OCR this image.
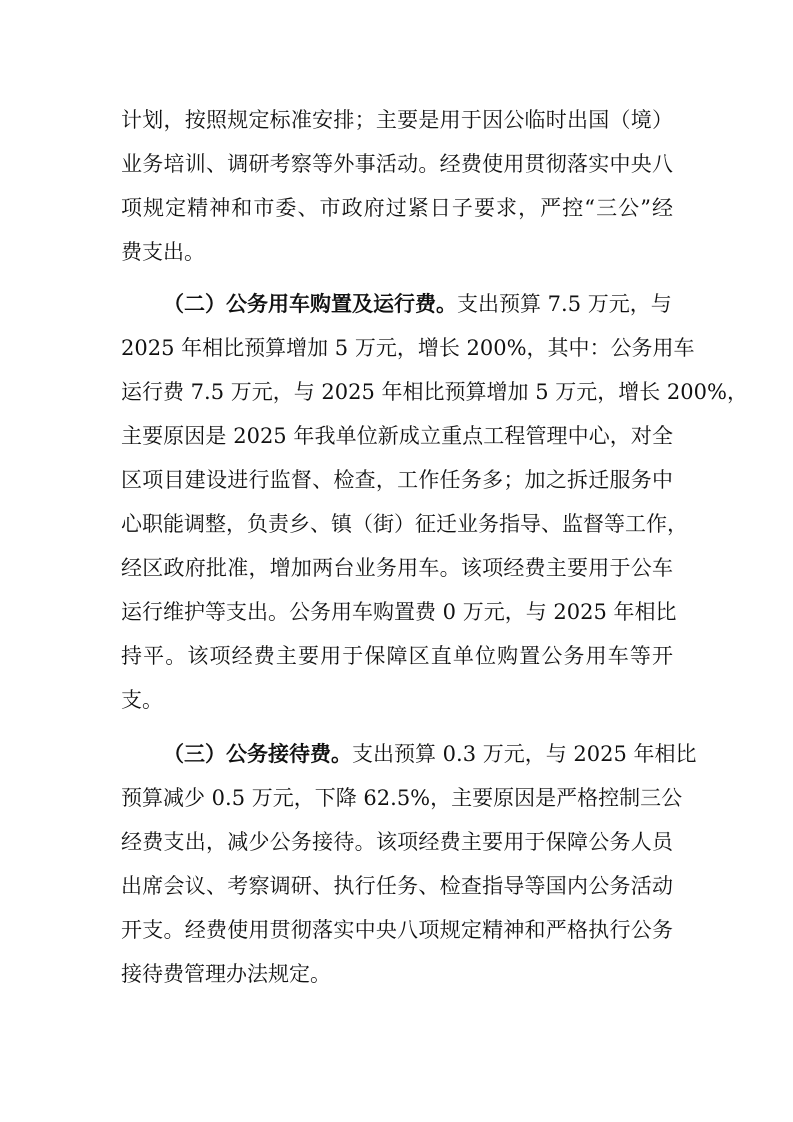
计划，按照规定标准安排；主要是用于因公临时出国（境）
业务培训、调研考察等外事活动。经费使用贯彻落实中央八
项规定精神和市委、市政府过紧日子要求，严控“三公”经
费支出。
（二）公务用车购置及运行费。支出预算 7.5 万元，与
2025 年相比预算增加 5 万元，增长 200%，其中：公务用车
运行费 7.5 万元，与 2025 年相比预算增加 5 万元，增长 200%，
主要原因是 2025 年我单位新成立重点工程管理中心，对全
区项目建设进行监督、检查，工作任务多；加之拆迁服务中
心职能调整，负责乡、镇（街）征迁业务指导、监督等工作，
经区政府批准，增加两台业务用车。该项经费主要用于公车
运行维护等支出。公务用车购置费 0 万元，与 2025 年相比
持平。该项经费主要用于保障区直单位购置公务用车等开
支。
（三）公务接待费。支出预算 0.3 万元，与 2025 年相比
预算减少 0.5 万元，下降 62.5%，主要原因是严格控制三公
经费支出，减少公务接待。该项经费主要用于保障公务人员
出席会议、考察调研、执行任务、检查指导等国内公务活动
开支。经费使用贯彻落实中央八项规定精神和严格执行公务
接待费管理办法规定。
